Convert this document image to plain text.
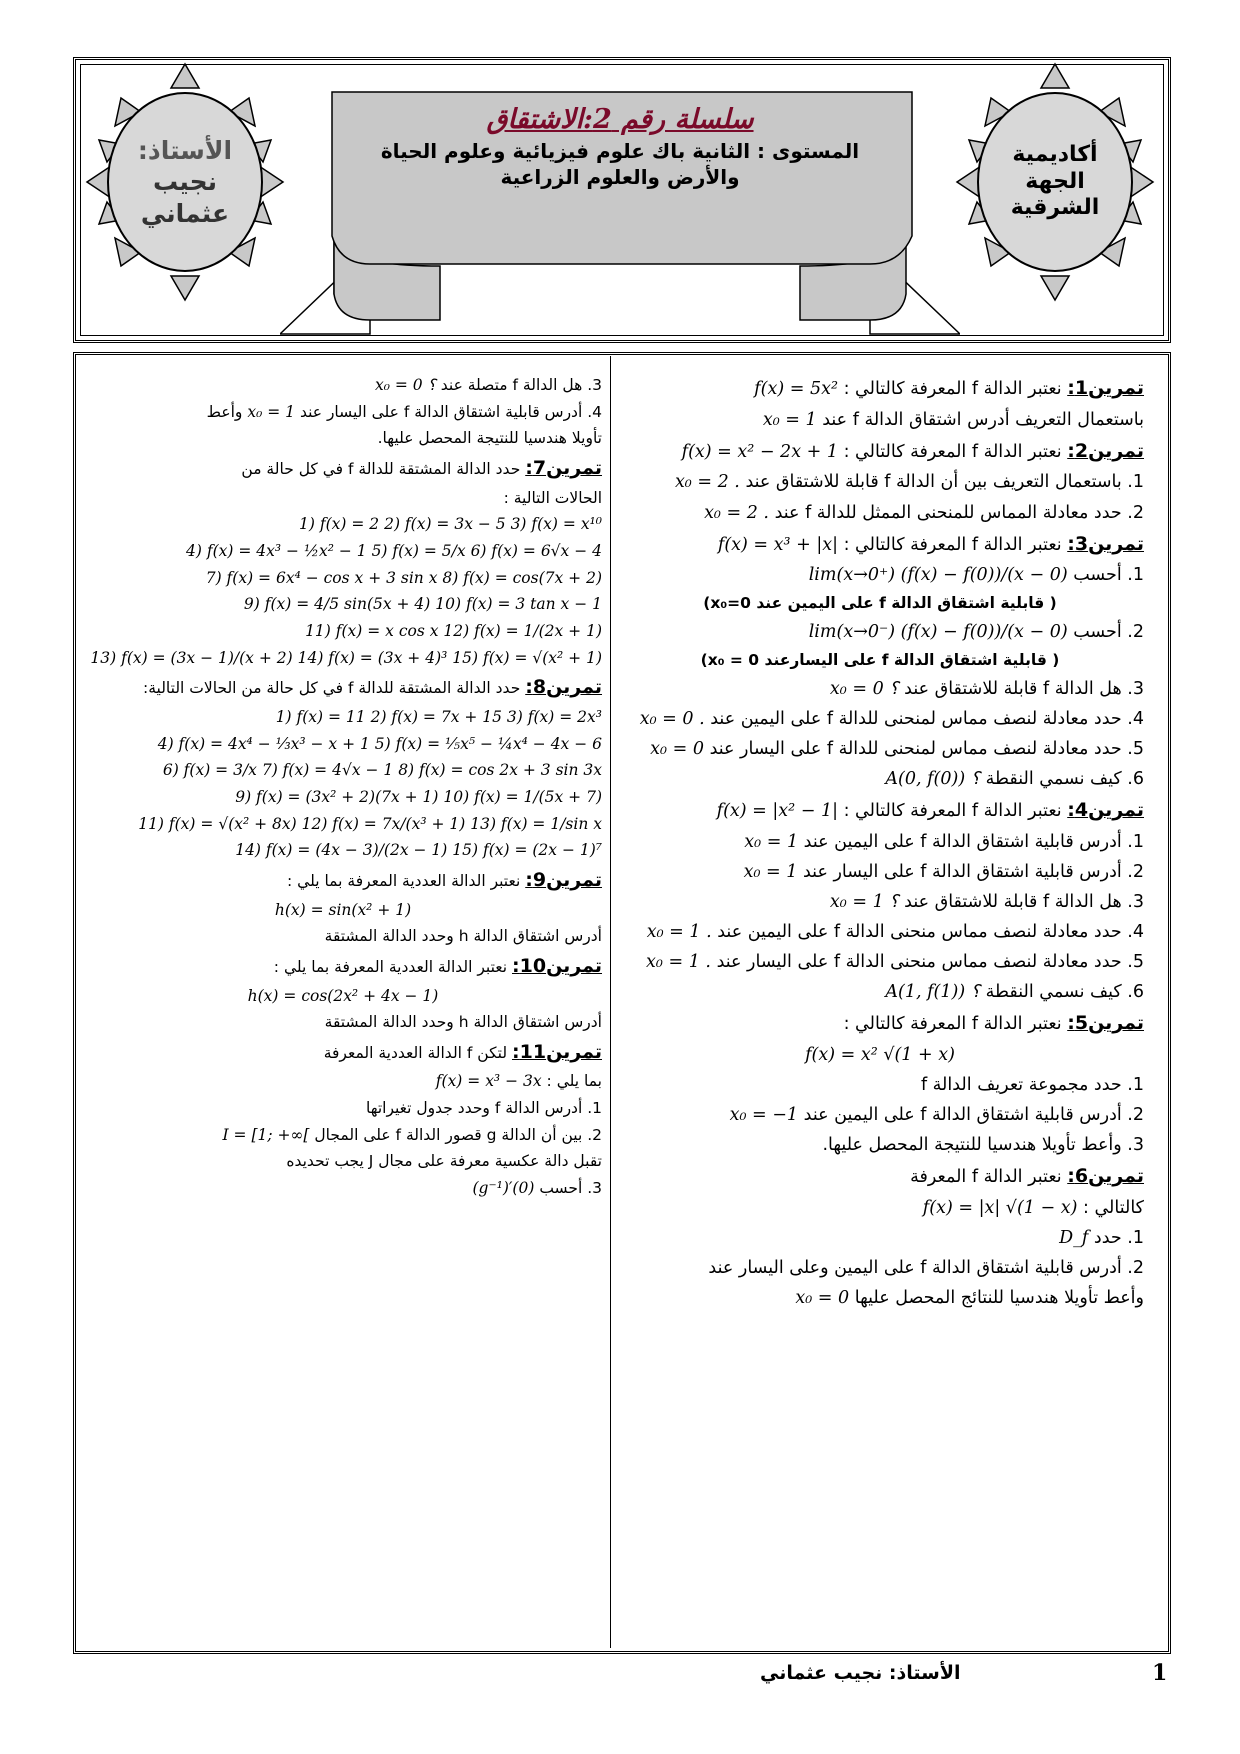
الأستاذ:
نجيب
عثماني
أكاديمية
الجهة
الشرقية
سلسلة رقم 2:الاشتقاق
المستوى : الثانية باك علوم فيزيائية وعلوم الحياة
والأرض والعلوم الزراعية
تمرين1: نعتبر الدالة f المعرفة كالتالي : f(x) = 5x²
باستعمال التعريف أدرس اشتقاق الدالة f عند x₀ = 1
تمرين2: نعتبر الدالة f المعرفة كالتالي : f(x) = x² − 2x + 1
1. باستعمال التعريف بين أن الدالة f قابلة للاشتقاق عند x₀ = 2 .
2. حدد معادلة المماس للمنحنى الممثل للدالة f عند x₀ = 2 .
تمرين3: نعتبر الدالة f المعرفة كالتالي : f(x) = x³ + |x|
1. أحسب lim(x→0⁺) (f(x) − f(0))/(x − 0)
( قابلية اشتقاق الدالة f على اليمين عند x₀=0)
2. أحسب lim(x→0⁻) (f(x) − f(0))/(x − 0)
( قابلية اشتقاق الدالة f على اليسارعند x₀ = 0)
3. هل الدالة f قابلة للاشتقاق عند x₀ = 0 ؟
4. حدد معادلة لنصف مماس لمنحنى للدالة f على اليمين عند x₀ = 0 .
5. حدد معادلة لنصف مماس لمنحنى للدالة f على اليسار عند x₀ = 0
6. كيف نسمي النقطة A(0, f(0)) ؟
تمرين4: نعتبر الدالة f المعرفة كالتالي : f(x) = |x² − 1|
1. أدرس قابلية اشتقاق الدالة f على اليمين عند x₀ = 1
2. أدرس قابلية اشتقاق الدالة f على اليسار عند x₀ = 1
3. هل الدالة f قابلة للاشتقاق عند x₀ = 1 ؟
4. حدد معادلة لنصف مماس منحنى الدالة f على اليمين عند x₀ = 1 .
5. حدد معادلة لنصف مماس منحنى الدالة f على اليسار عند x₀ = 1 .
6. كيف نسمي النقطة A(1, f(1)) ؟
تمرين5: نعتبر الدالة f المعرفة كالتالي :
f(x) = x² √(1 + x)
1. حدد مجموعة تعريف الدالة f
2. أدرس قابلية اشتقاق الدالة f على اليمين عند x₀ = −1
3. وأعط تأويلا هندسيا للنتيجة المحصل عليها.
تمرين6: نعتبر الدالة f المعرفة
كالتالي : f(x) = |x| √(1 − x)
1. حدد D_f
2. أدرس قابلية اشتقاق الدالة f على اليمين وعلى اليسار عند
وأعط تأويلا هندسيا للنتائج المحصل عليها x₀ = 0
3. هل الدالة f متصلة عند x₀ = 0 ؟
4. أدرس قابلية اشتقاق الدالة f على اليسار عند x₀ = 1 وأعط
تأويلا هندسيا للنتيجة المحصل عليها.
تمرين7: حدد الدالة المشتقة للدالة f في كل حالة من
الحالات التالية :
1) f(x) = 2 2) f(x) = 3x − 5 3) f(x) = x¹⁰
4) f(x) = 4x³ − ½x² − 1 5) f(x) = 5/x 6) f(x) = 6√x − 4
7) f(x) = 6x⁴ − cos x + 3 sin x 8) f(x) = cos(7x + 2)
9) f(x) = 4/5 sin(5x + 4) 10) f(x) = 3 tan x − 1
11) f(x) = x cos x 12) f(x) = 1/(2x + 1)
13) f(x) = (3x − 1)/(x + 2) 14) f(x) = (3x + 4)³ 15) f(x) = √(x² + 1)
تمرين8: حدد الدالة المشتقة للدالة f في كل حالة من الحالات التالية:
1) f(x) = 11 2) f(x) = 7x + 15 3) f(x) = 2x³
4) f(x) = 4x⁴ − ⅓x³ − x + 1 5) f(x) = ⅕x⁵ − ¼x⁴ − 4x − 6
6) f(x) = 3/x 7) f(x) = 4√x − 1 8) f(x) = cos 2x + 3 sin 3x
9) f(x) = (3x² + 2)(7x + 1) 10) f(x) = 1/(5x + 7)
11) f(x) = √(x² + 8x) 12) f(x) = 7x/(x³ + 1) 13) f(x) = 1/sin x
14) f(x) = (4x − 3)/(2x − 1) 15) f(x) = (2x − 1)⁷
تمرين9: نعتبر الدالة العددية المعرفة بما يلي :
h(x) = sin(x² + 1)
أدرس اشتقاق الدالة h وحدد الدالة المشتقة
تمرين10: نعتبر الدالة العددية المعرفة بما يلي :
h(x) = cos(2x² + 4x − 1)
أدرس اشتقاق الدالة h وحدد الدالة المشتقة
تمرين11: لتكن f الدالة العددية المعرفة
بما يلي : f(x) = x³ − 3x
1. أدرس الدالة f وحدد جدول تغيراتها
2. بين أن الدالة g قصور الدالة f على المجال I = [1; +∞[
تقبل دالة عكسية معرفة على مجال J يجب تحديده
3. أحسب (g⁻¹)′(0)
الأستاذ: نجيب عثماني	1
